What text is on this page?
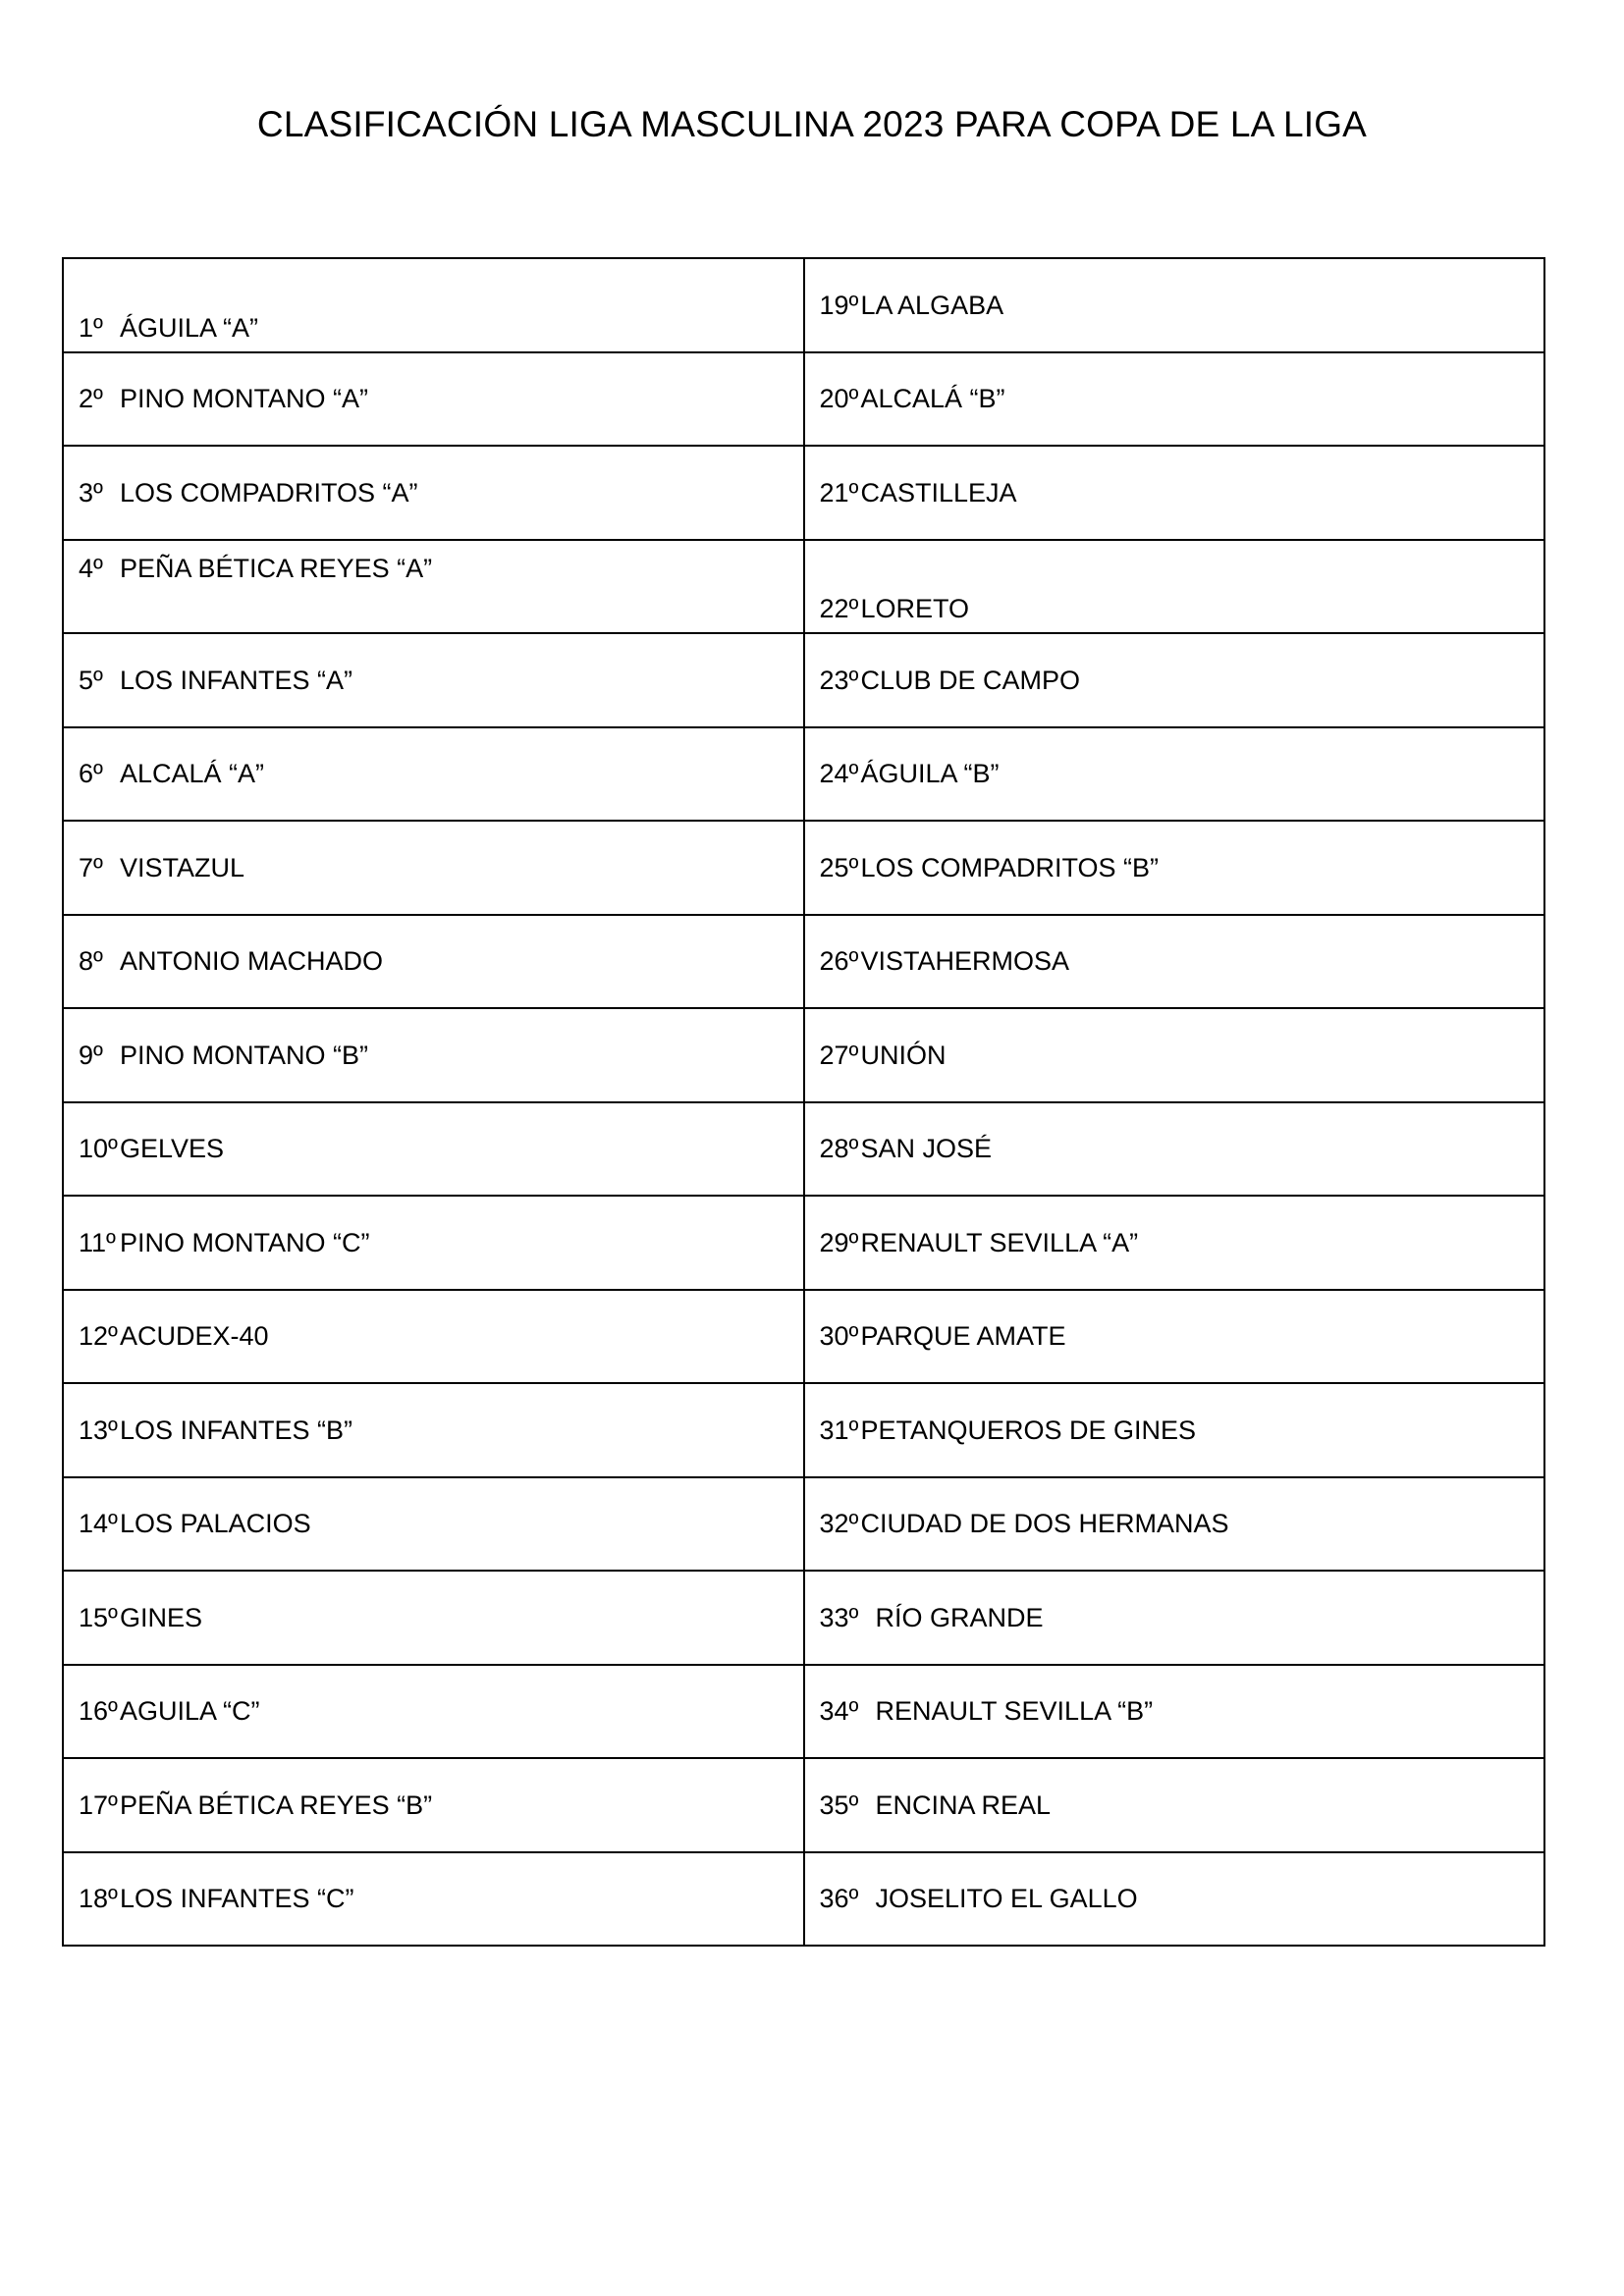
CLASIFICACIÓN LIGA MASCULINA 2023 PARA COPA DE LA LIGA
1º ÁGUILA “A”	19ºLA ALGABA
2º PINO MONTANO “A”	20ºALCALÁ “B”
3º LOS COMPADRITOS “A”	21ºCASTILLEJA
4º PEÑA BÉTICA REYES “A”	22ºLORETO
5º LOS INFANTES “A”	23ºCLUB DE CAMPO
6º ALCALÁ “A”	24ºÁGUILA “B”
7º VISTAZUL	25ºLOS COMPADRITOS “B”
8º ANTONIO MACHADO	26ºVISTAHERMOSA
9º PINO MONTANO “B”	27ºUNIÓN
10ºGELVES	28ºSAN JOSÉ
11º PINO MONTANO “C”	29ºRENAULT SEVILLA “A”
12ºACUDEX-40	30ºPARQUE AMATE
13ºLOS INFANTES “B”	31ºPETANQUEROS DE GINES
14ºLOS PALACIOS	32ºCIUDAD DE DOS HERMANAS
15ºGINES	33º RÍO GRANDE
16ºAGUILA “C”	34º RENAULT SEVILLA “B”
17ºPEÑA BÉTICA REYES “B”	35º ENCINA REAL
18ºLOS INFANTES “C”	36º JOSELITO EL GALLO
